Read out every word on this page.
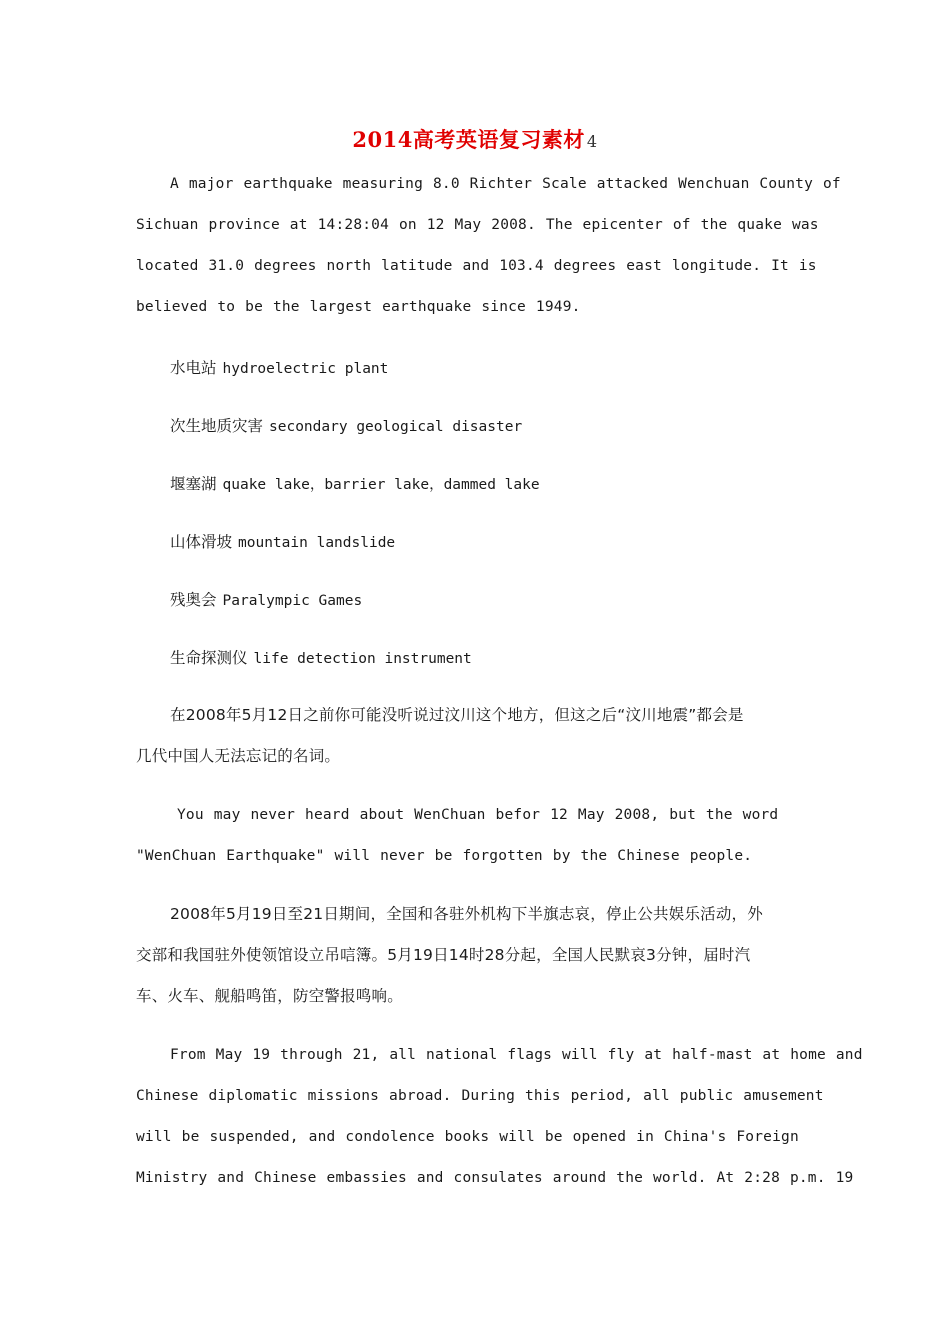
2014高考英语复习素材 4
A major earthquake measuring 8.0 Richter Scale attacked Wenchuan County of
Sichuan province at 14:28:04 on 12 May 2008. The epicenter of the quake was
located 31.0 degrees north latitude and 103.4 degrees east longitude. It is
believed to be the largest earthquake since 1949.
水电站 hydroelectric plant
次生地质灾害 secondary geological disaster
堰塞湖 quake lake，barrier lake，dammed lake
山体滑坡 mountain landslide
残奥会 Paralympic Games
生命探测仪 life detection instrument
在2008年5月12日之前你可能没听说过汶川这个地方，但这之后“汶川地震”都会是
几代中国人无法忘记的名词。
You may never heard about WenChuan befor 12 May 2008, but the word
"WenChuan Earthquake" will never be forgotten by the Chinese people.
2008年5月19日至21日期间，全国和各驻外机构下半旗志哀，停止公共娱乐活动，外
交部和我国驻外使领馆设立吊唁簿。5月19日14时28分起，全国人民默哀3分钟，届时汽
车、火车、舰船鸣笛，防空警报鸣响。
From May 19 through 21, all national flags will fly at half-mast at home and
Chinese diplomatic missions abroad. During this period, all public amusement
will be suspended, and condolence books will be opened in China's Foreign
Ministry and Chinese embassies and consulates around the world. At 2:28 p.m. 19
